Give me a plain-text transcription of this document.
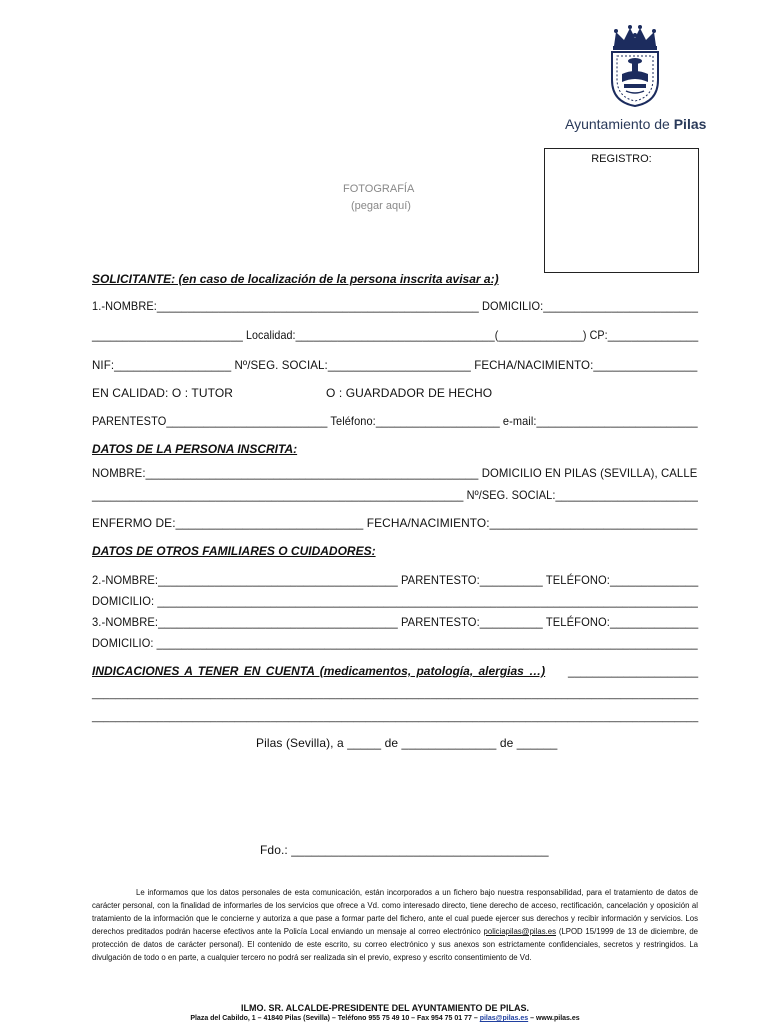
Ayuntamiento de Pilas
REGISTRO:
FOTOGRAFÍA
(pegar aquí)
SOLICITANTE: (en caso de localización de la persona inscrita avisar a:)
1.-NOMBRE:____________________________________________________ DOMICILIO:_________________________
_________________________ Localidad:_________________________________(______________) CP:_______________
NIF:__________________ Nº/SEG. SOCIAL:______________________ FECHA/NACIMIENTO:________________
EN CALIDAD: O : TUTOR	O : GUARDADOR DE HECHO
PARENTESTO__________________________ Teléfono:____________________ e-mail:__________________________
DATOS DE LA PERSONA INSCRITA:
NOMBRE:____________________________________________________ DOMICILIO EN PILAS (SEVILLA), CALLE
____________________________________________________________ Nº/SEG. SOCIAL:_______________________
ENFERMO DE:____________________________ FECHA/NACIMIENTO:_______________________________
DATOS DE OTROS FAMILIARES O CUIDADORES:
2.-NOMBRE:______________________________________ PARENTESTO:__________ TELÉFONO:______________
DOMICILIO: ______________________________________________________________________________________
3.-NOMBRE:______________________________________ PARENTESTO:__________ TELÉFONO:______________
DOMICILIO: _______________________________________________________________________________________
INDICACIONES A TENER EN CUENTA (medicamentos, patología, alergias …) _____________________
______________________________________________________________________________________________________
______________________________________________________________________________________________________
Pilas (Sevilla), a _____ de ______________ de ______
Fdo.: ______________________________________
Le informamos que los datos personales de esta comunicación, están incorporados a un fichero bajo nuestra responsabilidad, para el tratamiento de datos de carácter personal, con la finalidad de informarles de los servicios que ofrece a Vd. como interesado directo, tiene derecho de acceso, rectificación, cancelación y oposición al tratamiento de la información que le concierne y autoriza a que pase a formar parte del fichero, ante el cual puede ejercer sus derechos y recibir información y servicios. Los derechos preditados podrán hacerse efectivos ante la Policía Local enviando un mensaje al correo electrónico policiapilas@pilas.es (LPOD 15/1999 de 13 de diciembre, de protección de datos de carácter personal). El contenido de este escrito, su correo electrónico y sus anexos son estrictamente confidenciales, secretos y restringidos. La divulgación de todo o en parte, a cualquier tercero no podrá ser realizada sin el previo, expreso y escrito consentimiento de Vd.
ILMO. SR. ALCALDE-PRESIDENTE DEL AYUNTAMIENTO DE PILAS.
Plaza del Cabildo, 1 – 41840 Pilas (Sevilla) – Teléfono 955 75 49 10 – Fax 954 75 01 77 – pilas@pilas.es – www.pilas.es
